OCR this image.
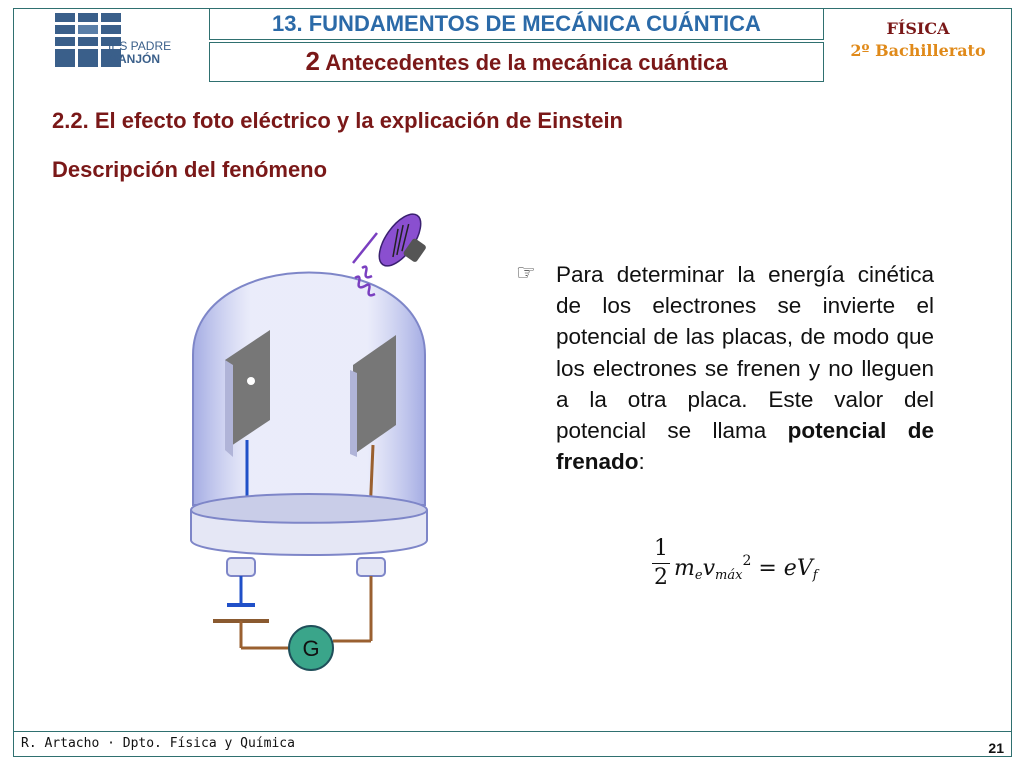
IES PADRE
MANJÓN
13. FUNDAMENTOS DE MECÁNICA CUÁNTICA
2 Antecedentes de la mecánica cuántica
FÍSICA
2º Bachillerato
2.2. El efecto foto eléctrico y la explicación de Einstein
Descripción del fenómeno
G
☞ Para determinar la energía cinética de los electrones se invierte el potencial de las placas, de modo que los electrones se frenen y no lleguen a la otra placa. Este valor del potencial se llama potencial de frenado:
1
2 $m_ev_{máx}^2 = eV_f$
R. Artacho · Dpto. Física y Química	21
